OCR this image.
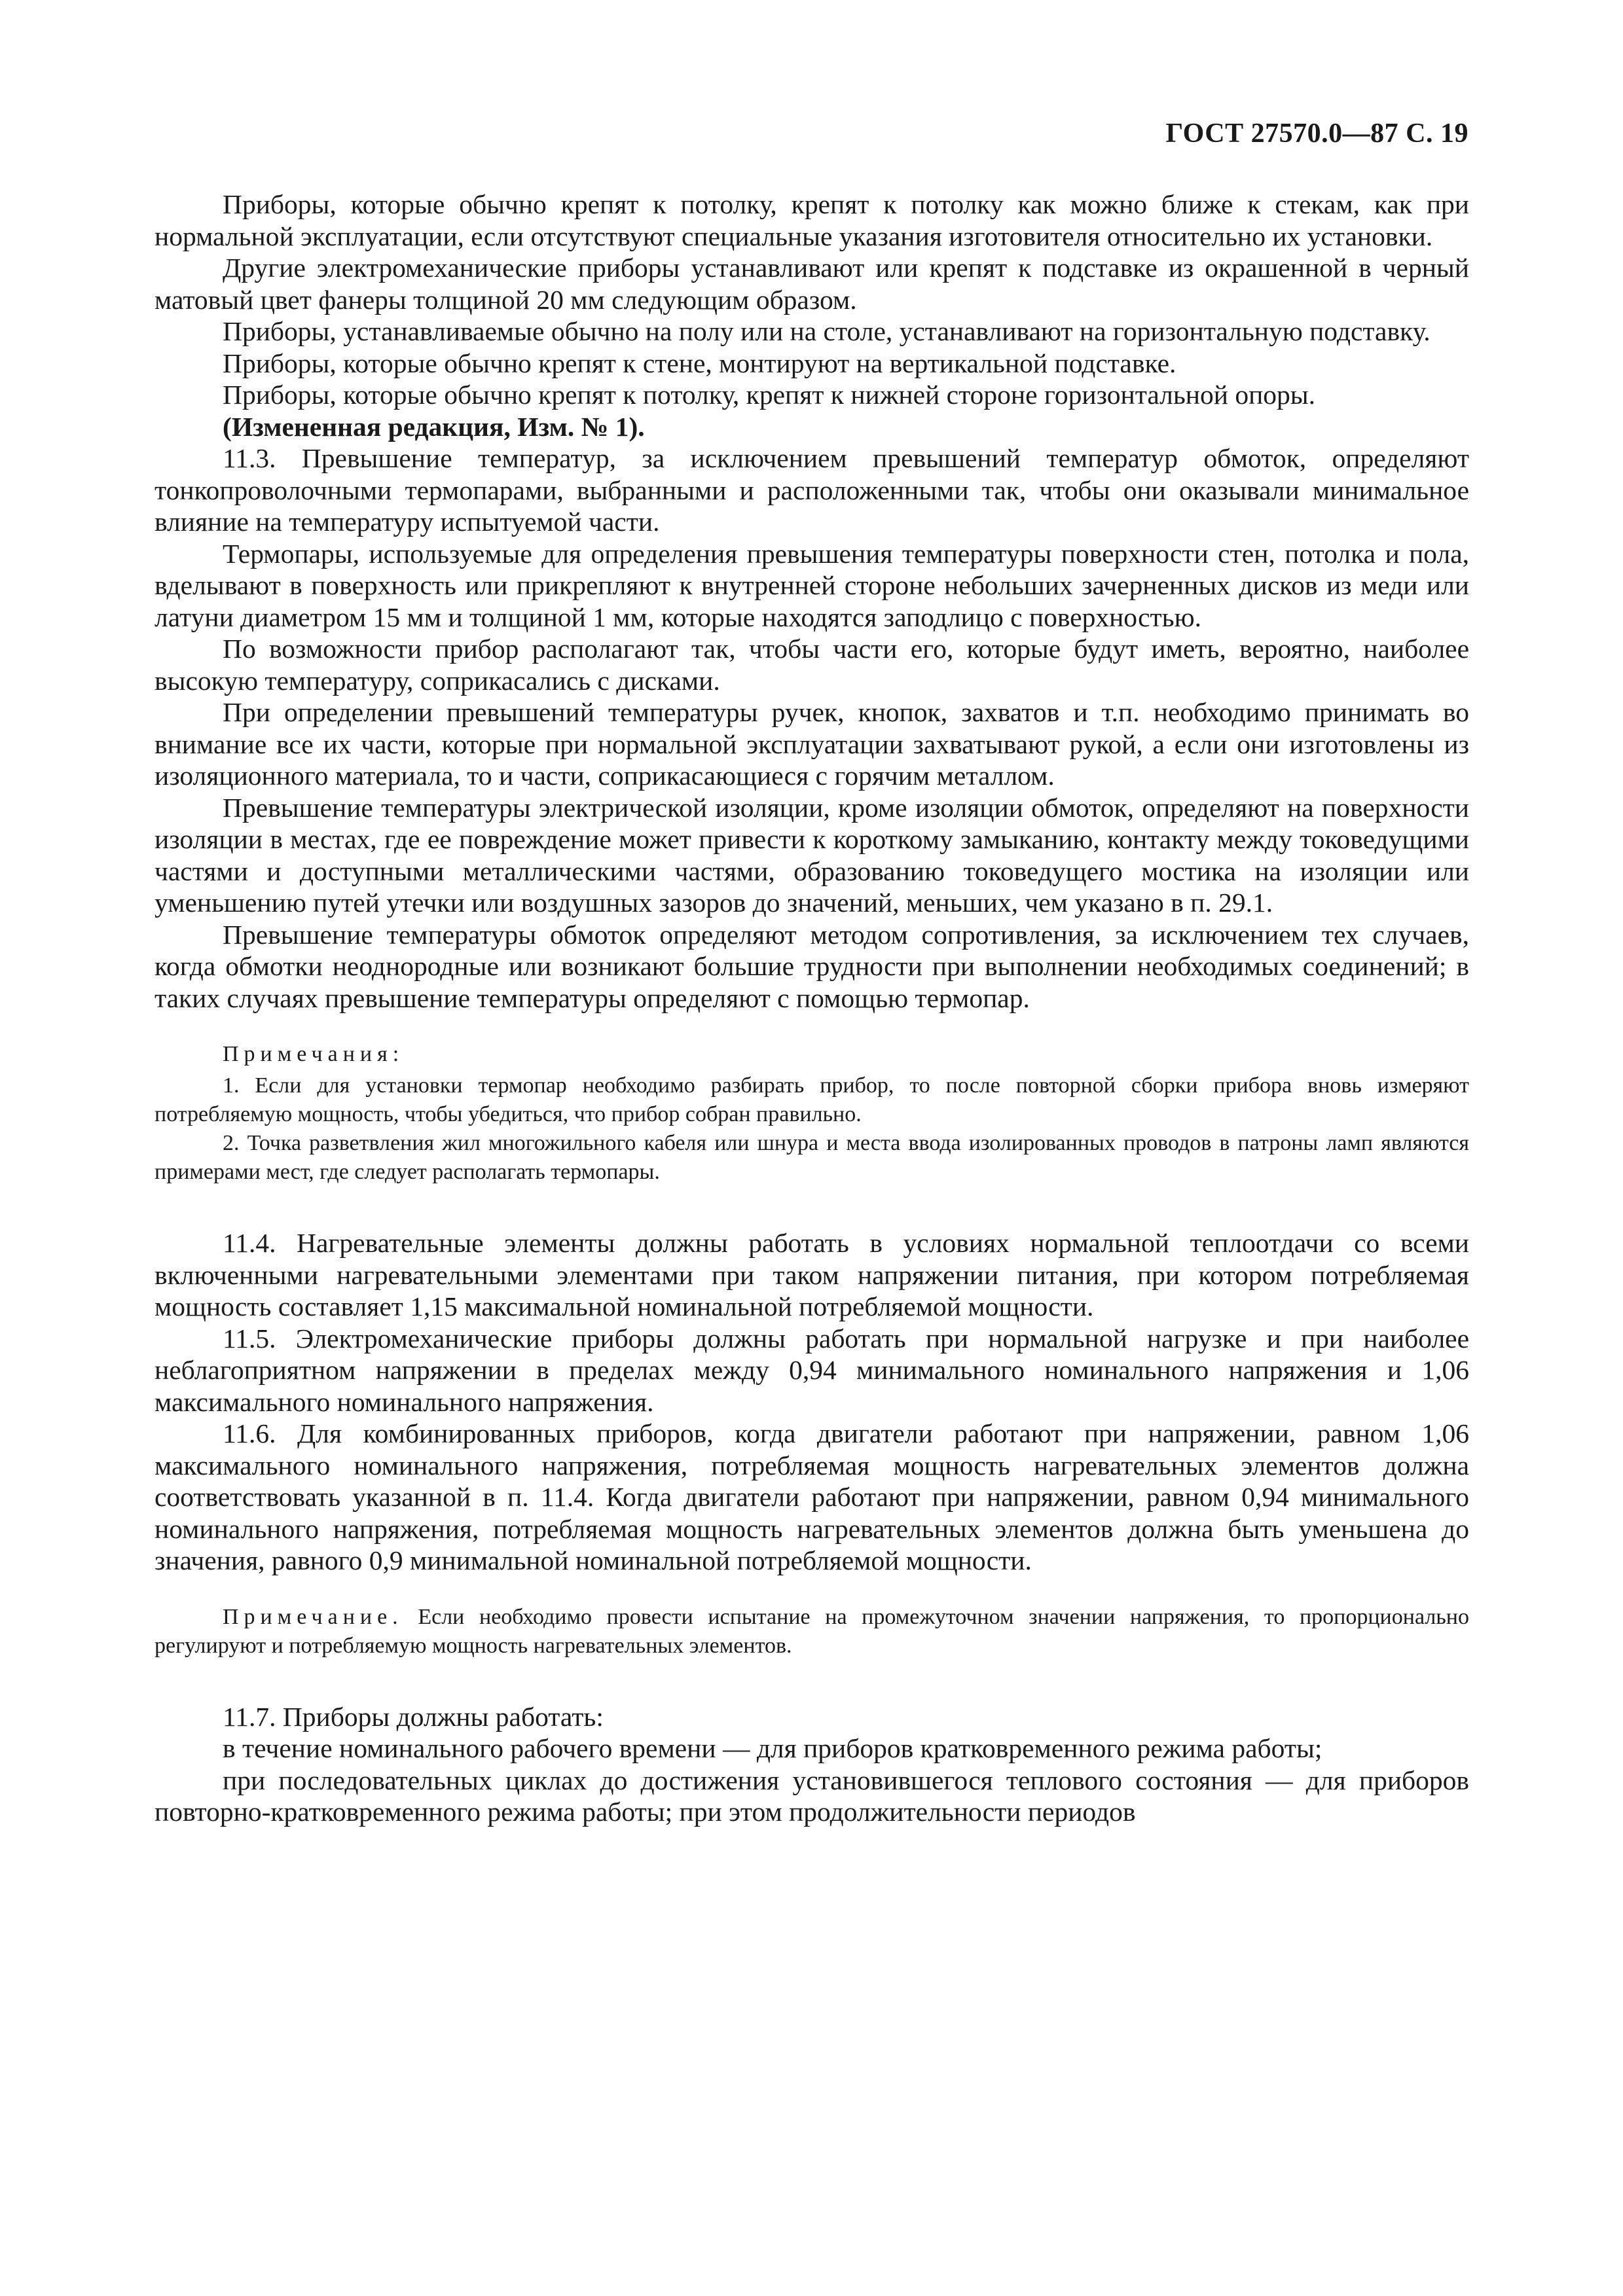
ГОСТ 27570.0—87 С. 19

Приборы, которые обычно крепят к потолку, крепят к потолку как можно ближе к стекам, как при нормальной эксплуатации, если отсутствуют специальные указания изготовителя относительно их установки.

Другие электромеханические приборы устанавливают или крепят к подставке из окрашенной в черный матовый цвет фанеры толщиной 20 мм следующим образом.

Приборы, устанавливаемые обычно на полу или на столе, устанавливают на горизонтальную подставку.

Приборы, которые обычно крепят к стене, монтируют на вертикальной подставке.

Приборы, которые обычно крепят к потолку, крепят к нижней стороне горизонтальной опоры.

(Измененная редакция, Изм. № 1).

11.3. Превышение температур, за исключением превышений температур обмоток, определяют тонкопроволочными термопарами, выбранными и расположенными так, чтобы они оказывали минимальное влияние на температуру испытуемой части.

Термопары, используемые для определения превышения температуры поверхности стен, потолка и пола, вделывают в поверхность или прикрепляют к внутренней стороне небольших зачерненных дисков из меди или латуни диаметром 15 мм и толщиной 1 мм, которые находятся заподлицо с поверхностью.

По возможности прибор располагают так, чтобы части его, которые будут иметь, вероятно, наиболее высокую температуру, соприкасались с дисками.

При определении превышений температуры ручек, кнопок, захватов и т.п. необходимо принимать во внимание все их части, которые при нормальной эксплуатации захватывают рукой, а если они изготовлены из изоляционного материала, то и части, соприкасающиеся с горячим металлом.

Превышение температуры электрической изоляции, кроме изоляции обмоток, определяют на поверхности изоляции в местах, где ее повреждение может привести к короткому замыканию, контакту между токоведущими частями и доступными металлическими частями, образованию токоведущего мостика на изоляции или уменьшению путей утечки или воздушных зазоров до значений, меньших, чем указано в п. 29.1.

Превышение температуры обмоток определяют методом сопротивления, за исключением тех случаев, когда обмотки неоднородные или возникают большие трудности при выполнении необходимых соединений; в таких случаях превышение температуры определяют с помощью термопар.

Примечания:

1. Если для установки термопар необходимо разбирать прибор, то после повторной сборки прибора вновь измеряют потребляемую мощность, чтобы убедиться, что прибор собран правильно.

2. Точка разветвления жил многожильного кабеля или шнура и места ввода изолированных проводов в патроны ламп являются примерами мест, где следует располагать термопары.

11.4. Нагревательные элементы должны работать в условиях нормальной теплоотдачи со всеми включенными нагревательными элементами при таком напряжении питания, при котором потребляемая мощность составляет 1,15 максимальной номинальной потребляемой мощности.

11.5. Электромеханические приборы должны работать при нормальной нагрузке и при наиболее неблагоприятном напряжении в пределах между 0,94 минимального номинального напряжения и 1,06 максимального номинального напряжения.

11.6. Для комбинированных приборов, когда двигатели работают при напряжении, равном 1,06 максимального номинального напряжения, потребляемая мощность нагревательных элементов должна соответствовать указанной в п. 11.4. Когда двигатели работают при напряжении, равном 0,94 минимального номинального напряжения, потребляемая мощность нагревательных элементов должна быть уменьшена до значения, равного 0,9 минимальной номинальной потребляемой мощности.

Примечание. Если необходимо провести испытание на промежуточном значении напряжения, то пропорционально регулируют и потребляемую мощность нагревательных элементов.

11.7. Приборы должны работать:

в течение номинального рабочего времени — для приборов кратковременного режима работы;

при последовательных циклах до достижения установившегося теплового состояния — для приборов повторно-кратковременного режима работы; при этом продолжительности периодов
